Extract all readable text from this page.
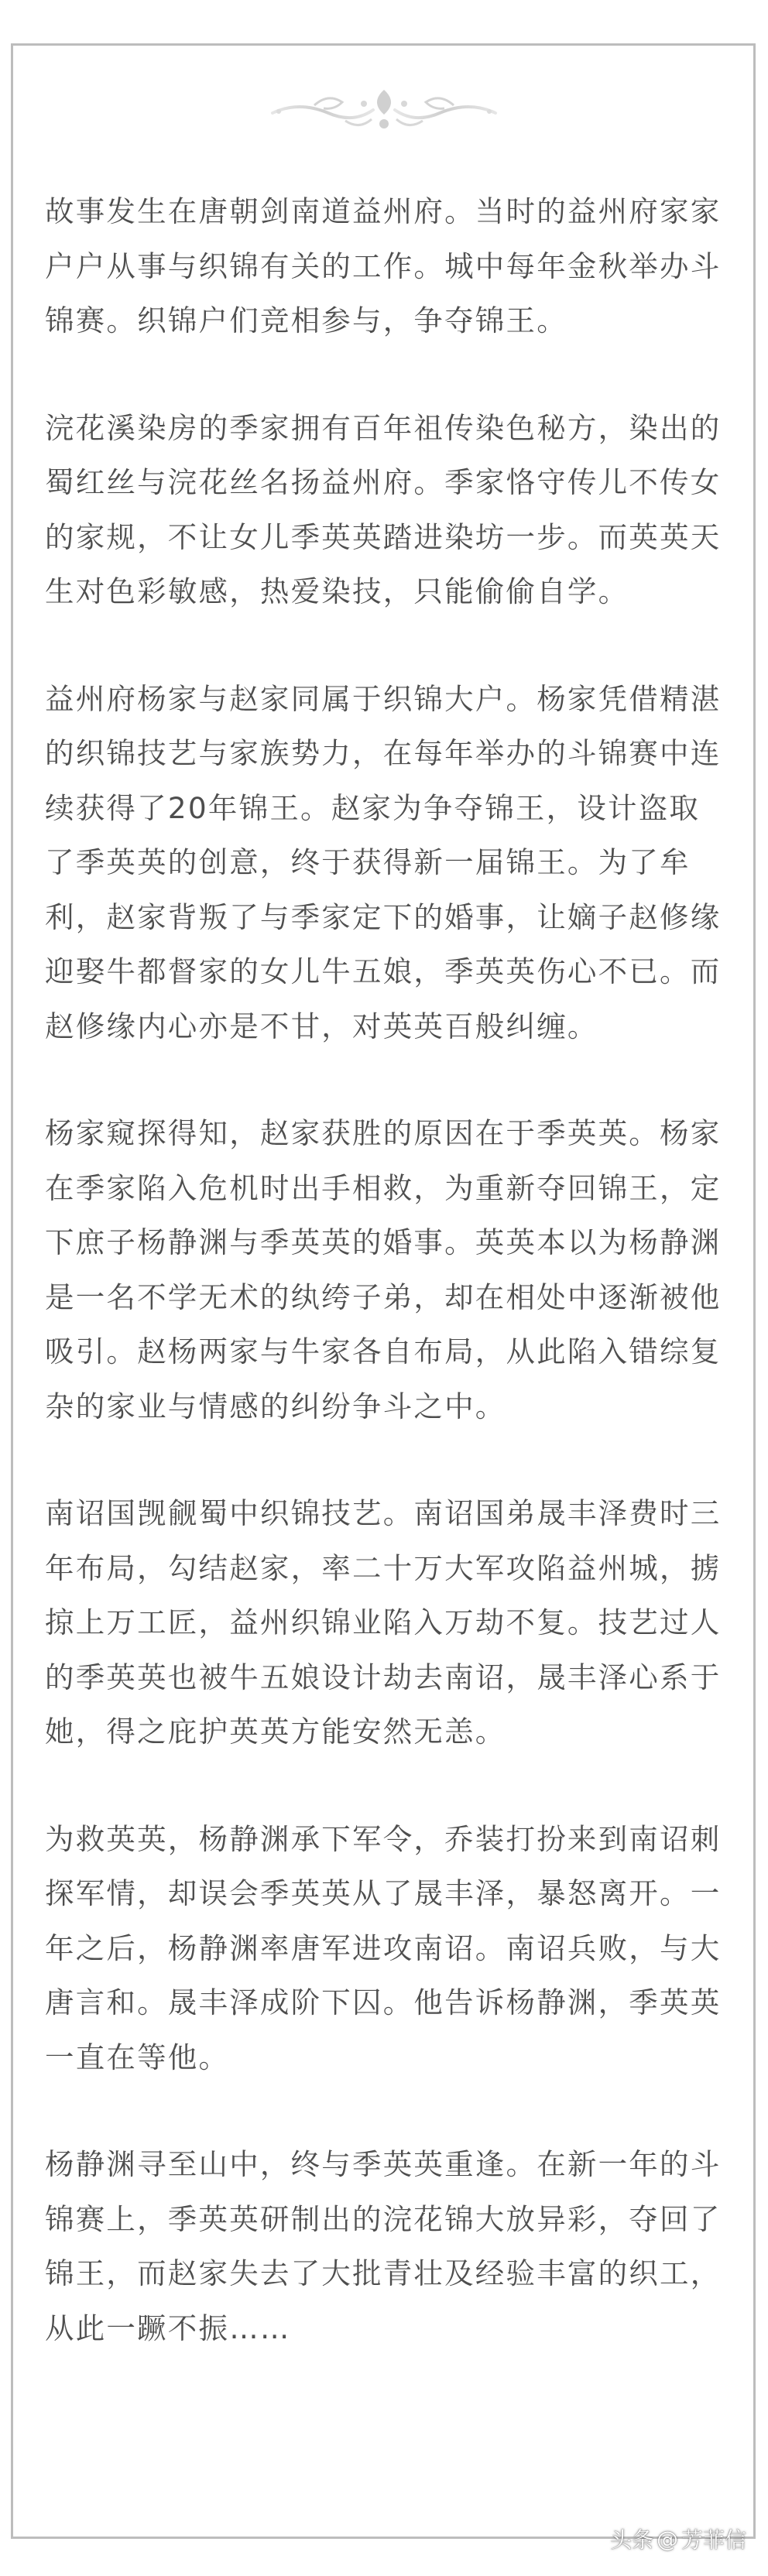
故事发生在唐朝剑南道益州府。当时的益州府家家户户从事与织锦有关的工作。城中每年金秋举办斗锦赛。织锦户们竞相参与，争夺锦王。

浣花溪染房的季家拥有百年祖传染色秘方，染出的蜀红丝与浣花丝名扬益州府。季家恪守传儿不传女的家规，不让女儿季英英踏进染坊一步。而英英天生对色彩敏感，热爱染技，只能偷偷自学。

益州府杨家与赵家同属于织锦大户。杨家凭借精湛的织锦技艺与家族势力，在每年举办的斗锦赛中连续获得了20年锦王。赵家为争夺锦王，设计盗取了季英英的创意，终于获得新一届锦王。为了牟利，赵家背叛了与季家定下的婚事，让嫡子赵修缘迎娶牛都督家的女儿牛五娘，季英英伤心不已。而赵修缘内心亦是不甘，对英英百般纠缠。

杨家窥探得知，赵家获胜的原因在于季英英。杨家在季家陷入危机时出手相救，为重新夺回锦王，定下庶子杨静渊与季英英的婚事。英英本以为杨静渊是一名不学无术的纨绔子弟，却在相处中逐渐被他吸引。赵杨两家与牛家各自布局，从此陷入错综复杂的家业与情感的纠纷争斗之中。

南诏国觊觎蜀中织锦技艺。南诏国弟晟丰泽费时三年布局，勾结赵家，率二十万大军攻陷益州城，掳掠上万工匠，益州织锦业陷入万劫不复。技艺过人的季英英也被牛五娘设计劫去南诏，晟丰泽心系于她，得之庇护英英方能安然无恙。

为救英英，杨静渊承下军令，乔装打扮来到南诏刺探军情，却误会季英英从了晟丰泽，暴怒离开。一年之后，杨静渊率唐军进攻南诏。南诏兵败，与大唐言和。晟丰泽成阶下囚。他告诉杨静渊，季英英一直在等他。

杨静渊寻至山中，终与季英英重逢。在新一年的斗锦赛上，季英英研制出的浣花锦大放异彩，夺回了锦王，而赵家失去了大批青壮及经验丰富的织工，从此一蹶不振……

头条 @ 芳菲信
